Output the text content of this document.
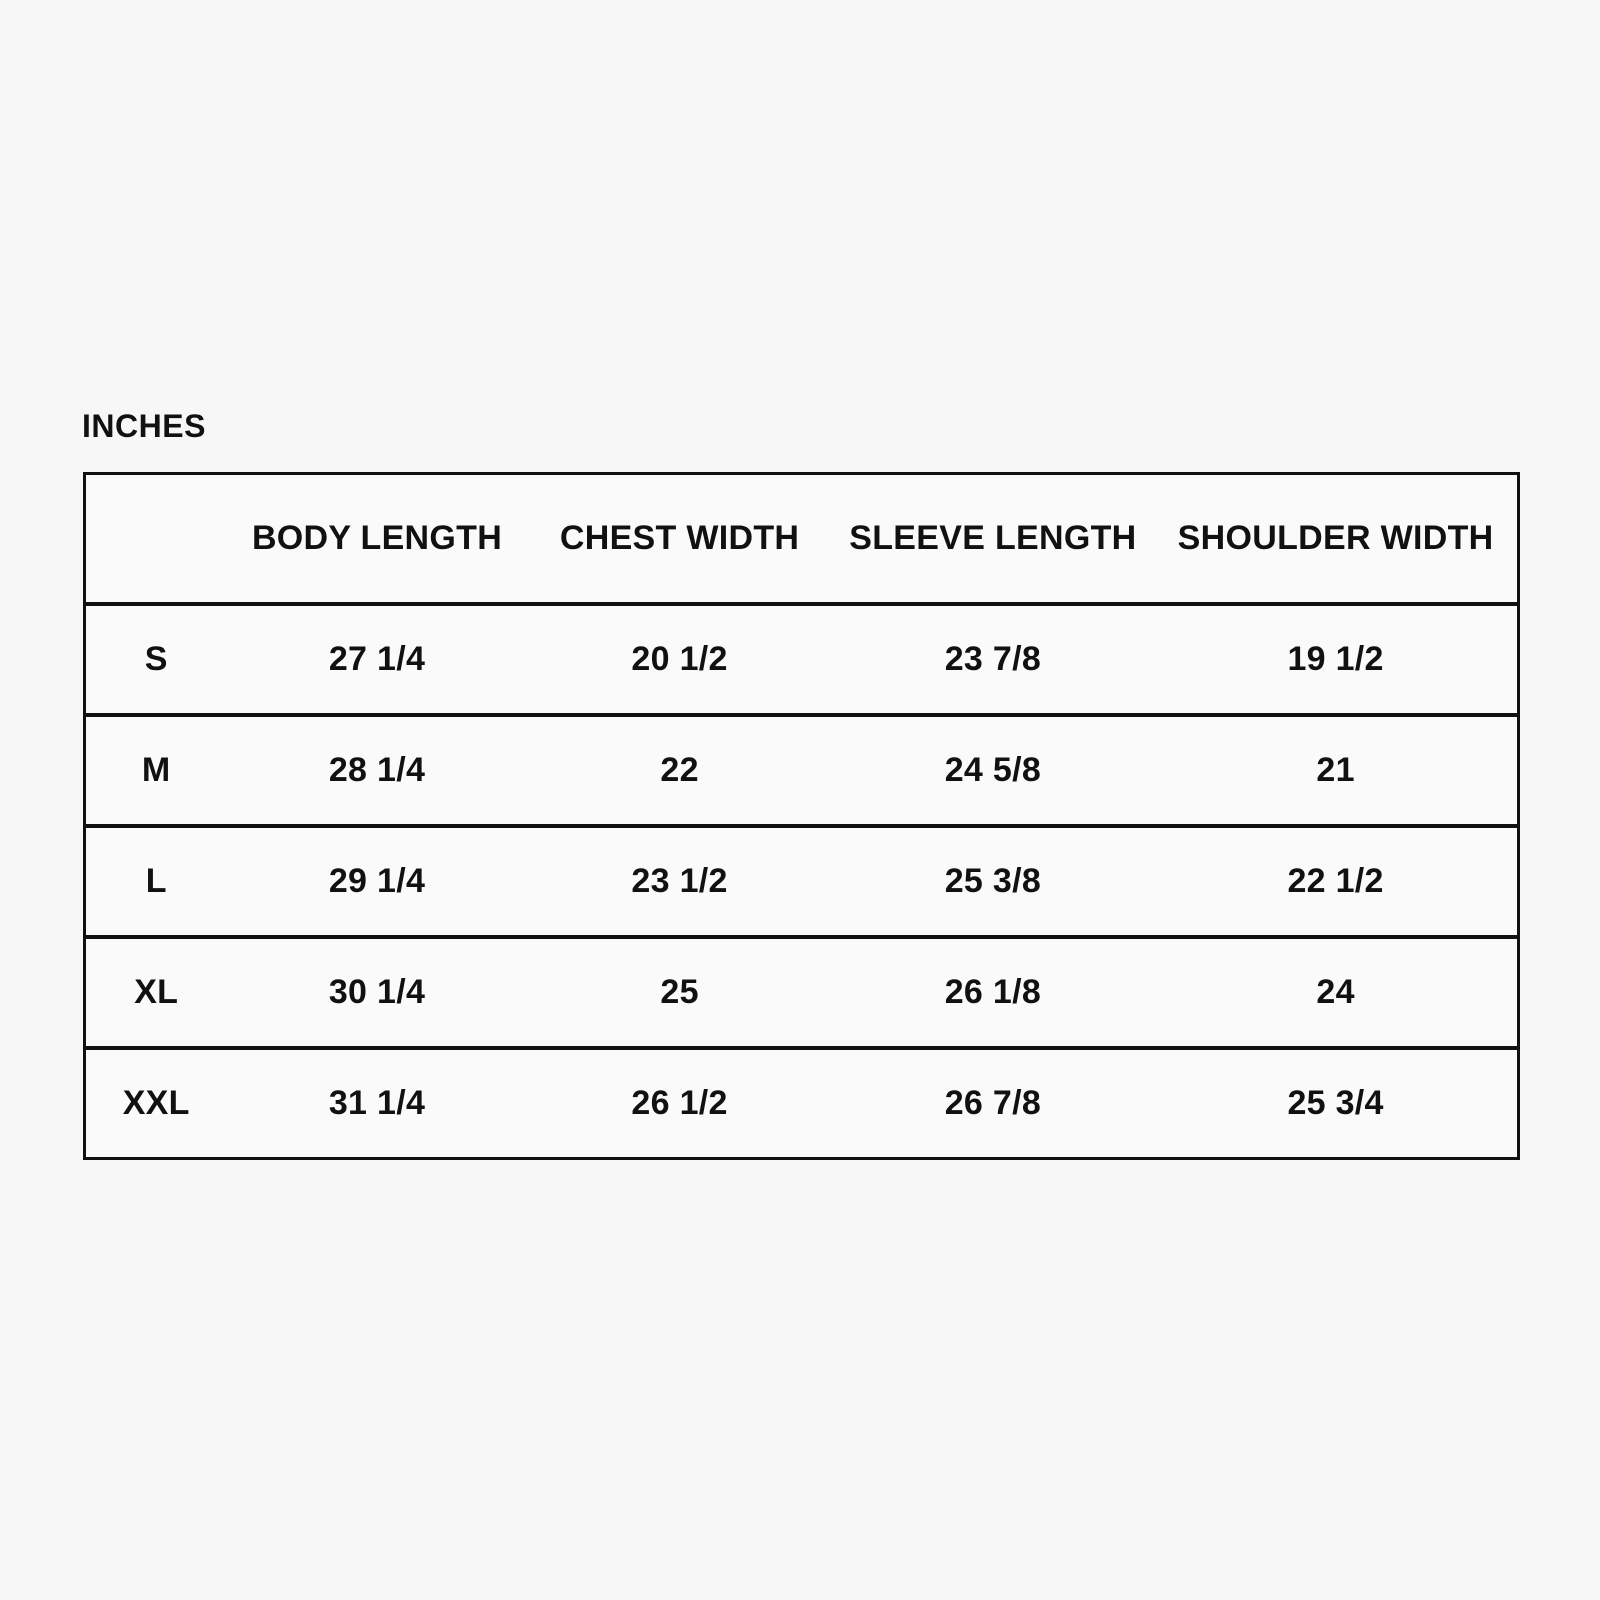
INCHES
	BODY LENGTH	CHEST WIDTH	SLEEVE LENGTH	SHOULDER WIDTH
S	27 1/4	20 1/2	23 7/8	19 1/2
M	28 1/4	22	24 5/8	21
L	29 1/4	23 1/2	25 3/8	22 1/2
XL	30 1/4	25	26 1/8	24
XXL	31 1/4	26 1/2	26 7/8	25 3/4
